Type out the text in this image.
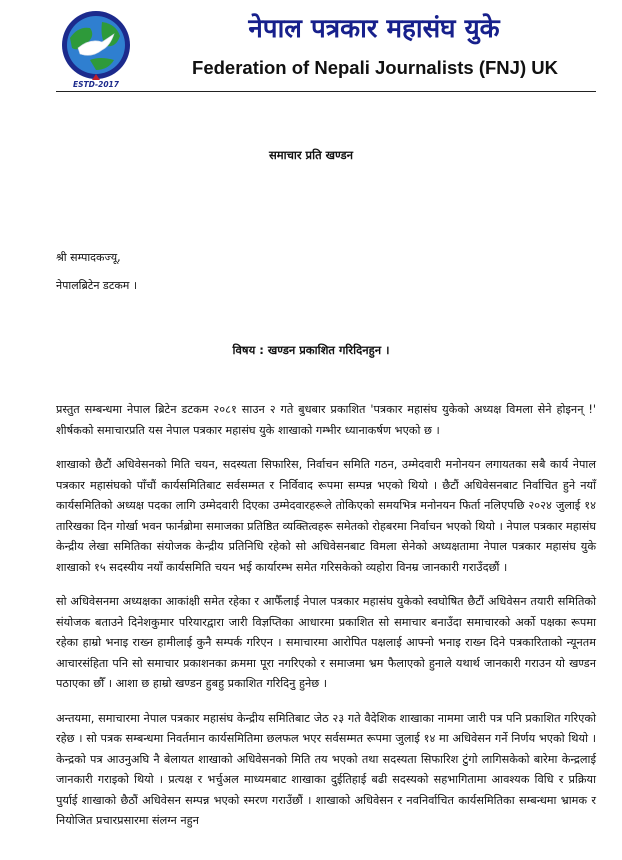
ESTD-2017
नेपाल पत्रकार महासंघ युके
Federation of Nepali Journalists (FNJ) UK
समाचार प्रति खण्डन
श्री सम्पादकज्यू,
नेपालब्रिटेन डटकम ।
विषय : खण्डन प्रकाशित गरिदिनहुन ।

प्रस्तुत सम्बन्धमा नेपाल ब्रिटेन डटकम २०८१ साउन २ गते बुधबार प्रकाशित 'पत्रकार महासंघ युकेको अध्यक्ष विमला सेने होइनन् !' शीर्षकको समाचारप्रति यस नेपाल पत्रकार महासंघ युके शाखाको गम्भीर ध्यानाकर्षण भएको छ ।

शाखाको छैटौं अधिवेसनको मिति चयन, सदस्यता सिफारिस, निर्वाचन समिति गठन, उम्मेदवारी मनोनयन लगायतका सबै कार्य नेपाल पत्रकार महासंघको पाँचौं कार्यसमितिबाट सर्वसम्मत र निर्विवाद रूपमा सम्पन्न भएको थियो । छैटौं अधिवेसनबाट निर्वाचित हुने नयाँ कार्यसमितिको अध्यक्ष पदका लागि उम्मेदवारी दिएका उम्मेदवारहरूले तोकिएको समयभित्र मनोनयन फिर्ता नलिएपछि २०२४ जुलाई १४ तारिखका दिन गोर्खा भवन फार्नब्रोमा समाजका प्रतिष्ठित व्यक्तित्वहरू समेतको रोहबरमा निर्वाचन भएको थियो । नेपाल पत्रकार महासंघ केन्द्रीय लेखा समितिका संयोजक केन्द्रीय प्रतिनिधि रहेको सो अधिवेसनबाट विमला सेनेको अध्यक्षतामा नेपाल पत्रकार महासंघ युके शाखाको १५ सदस्यीय नयाँ कार्यसमिति चयन भई कार्यारम्भ समेत गरिसकेको व्यहोरा विनम्र जानकारी गराउँदछौं ।

सो अधिवेसनमा अध्यक्षका आकांक्षी समेत रहेका र आफैँलाई नेपाल पत्रकार महासंघ युकेको स्वघोषित छैटौं अधिवेसन तयारी समितिको संयोजक बताउने दिनेशकुमार परियारद्वारा जारी विज्ञप्तिका आधारमा प्रकाशित सो समाचार बनाउँदा समाचारको अर्को पक्षका रूपमा रहेका हाम्रो भनाइ राख्न हामीलाई कुनै सम्पर्क गरिएन । समाचारमा आरोपित पक्षलाई आफ्नो भनाइ राख्न दिने पत्रकारिताको न्यूनतम आचारसंहिता पनि सो समाचार प्रकाशनका क्रममा पूरा नगरिएको र समाजमा भ्रम फैलाएको हुनाले यथार्थ जानकारी गराउन यो खण्डन पठाएका छौँ । आशा छ हाम्रो खण्डन हुबहु प्रकाशित गरिदिनु हुनेछ ।

अन्तयमा, समाचारमा नेपाल पत्रकार महासंघ केन्द्रीय समितिबाट जेठ २३ गते वैदेशिक शाखाका नाममा जारी पत्र पनि प्रकाशित गरिएको रहेछ । सो पत्रक सम्बन्धमा निवर्तमान कार्यसमितिमा छलफल भएर सर्वसम्मत रूपमा जुलाई १४ मा अधिवेसन गर्ने निर्णय भएको थियो । केन्द्रको पत्र आउनुअघि नै बेलायत शाखाको अधिवेसनको मिति तय भएको तथा सदस्यता सिफारिश टुंगो लागिसकेको बारेमा केन्द्रलाई जानकारी गराइको थियो । प्रत्यक्ष र भर्चुअल माध्यमबाट शाखाका दुईतिहाई बढी सदस्यको सहभागितामा आवश्यक विधि र प्रक्रिया पुर्याई शाखाको छैठौं अधिवेसन सम्पन्न भएको स्मरण गराउँछौं । शाखाको अधिवेसन र नवनिर्वाचित कार्यसमितिका सम्बन्धमा भ्रामक र नियोजित प्रचारप्रसारमा संलग्न नहुन
